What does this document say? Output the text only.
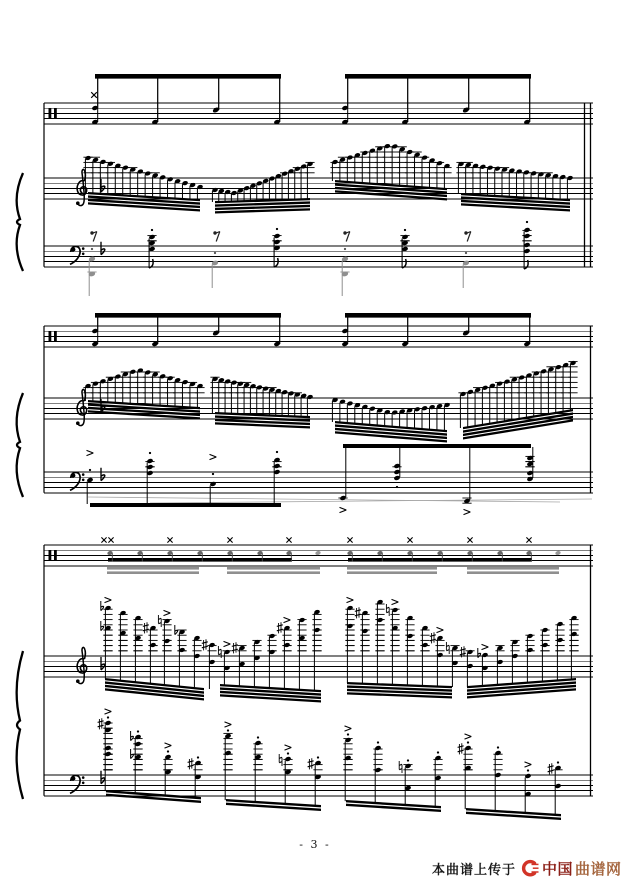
- 3 -
本曲谱上传于 中国 曲谱网
